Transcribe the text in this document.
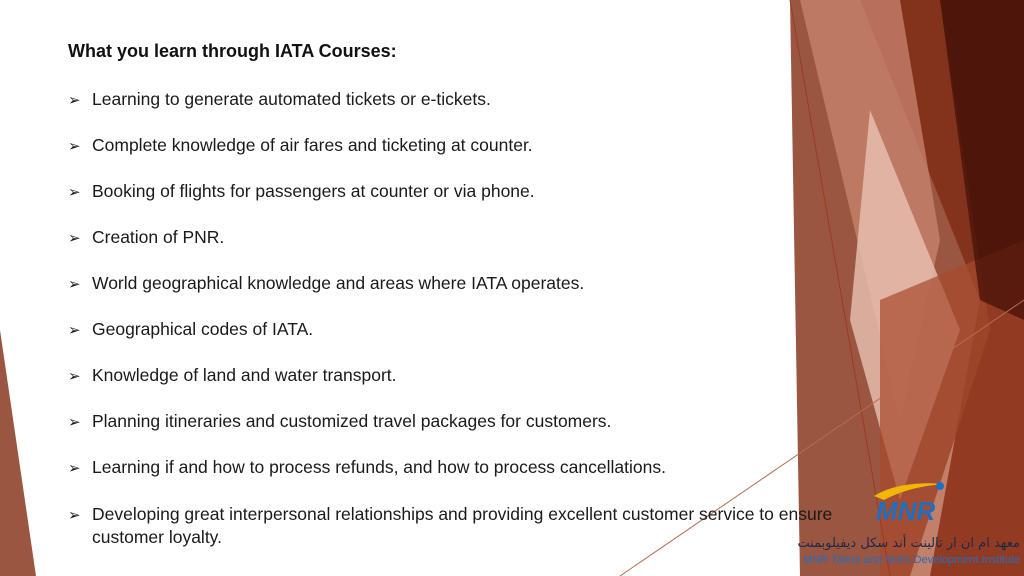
What you learn through IATA Courses:

➢ Learning to generate automated tickets or e-tickets.
➢ Complete knowledge of air fares and ticketing at counter.
➢ Booking of flights for passengers at counter or via phone.
➢ Creation of PNR.
➢ World geographical knowledge and areas where IATA operates.
➢ Geographical codes of IATA.
➢ Knowledge of land and water transport.
➢ Planning itineraries and customized travel packages for customers.
➢ Learning if and how to process refunds, and how to process cancellations.
➢ Developing great interpersonal relationships and providing excellent customer service to ensure customer loyalty.
MNR
معهد ام ان ار تالينت أند سكل ديفيلوبمنت
MNR Talent and Skills Development Institute
